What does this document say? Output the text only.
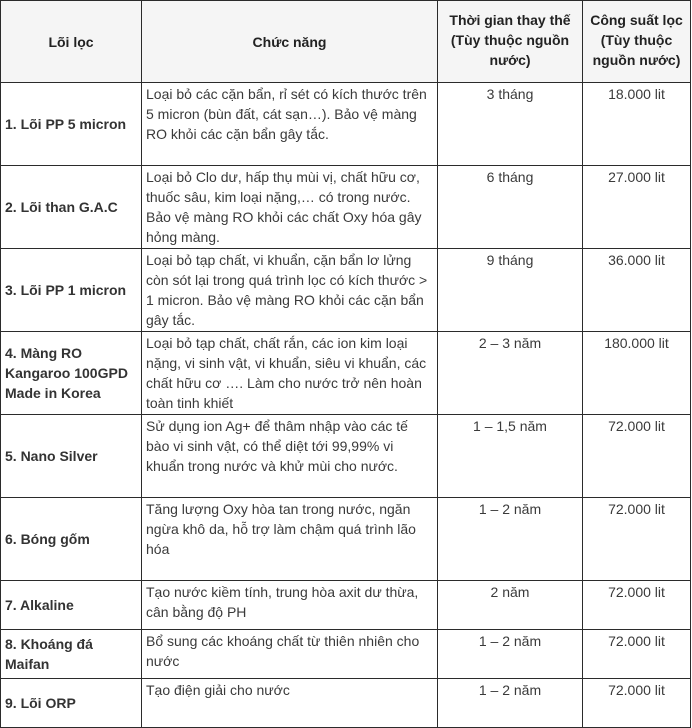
Lõi lọc	Chức năng	Thời gian thay thế (Tùy thuộc nguồn nước)	Công suất lọc (Tùy thuộc nguồn nước)
1. Lõi PP 5 micron	Loại bỏ các cặn bẩn, rỉ sét có kích thước trên 5 micron (bùn đất, cát sạn…). Bảo vệ màng RO khỏi các cặn bẩn gây tắc.	3 tháng	18.000 lit
2. Lõi than G.A.C	Loại bỏ Clo dư, hấp thụ mùi vị, chất hữu cơ, thuốc sâu, kim loại nặng,… có trong nước. Bảo vệ màng RO khỏi các chất Oxy hóa gây hỏng màng.	6 tháng	27.000 lit
3. Lõi PP 1 micron	Loại bỏ tạp chất, vi khuẩn, cặn bẩn lơ lửng còn sót lại trong quá trình lọc có kích thước > 1 micron. Bảo vệ màng RO khỏi các cặn bẩn gây tắc.	9 tháng	36.000 lit
4. Màng RO Kangaroo 100GPD Made in Korea	Loại bỏ tạp chất, chất rắn, các ion kim loại nặng, vi sinh vật, vi khuẩn, siêu vi khuẩn, các chất hữu cơ …. Làm cho nước trở nên hoàn toàn tinh khiết	2 – 3 năm	180.000 lit
5. Nano Silver	Sử dụng ion Ag+ để thâm nhập vào các tế bào vi sinh vật, có thể diệt tới 99,99% vi khuẩn trong nước và khử mùi cho nước.	1 – 1,5 năm	72.000 lit
6. Bóng gốm	Tăng lượng Oxy hòa tan trong nước, ngăn ngừa khô da, hỗ trợ làm chậm quá trình lão hóa	1 – 2 năm	72.000 lit
7. Alkaline	Tạo nước kiềm tính, trung hòa axit dư thừa, cân bằng độ PH	2 năm	72.000 lit
8. Khoáng đá Maifan	Bổ sung các khoáng chất từ thiên nhiên cho nước	1 – 2 năm	72.000 lit
9. Lõi ORP	Tạo điện giải cho nước	1 – 2 năm	72.000 lit
